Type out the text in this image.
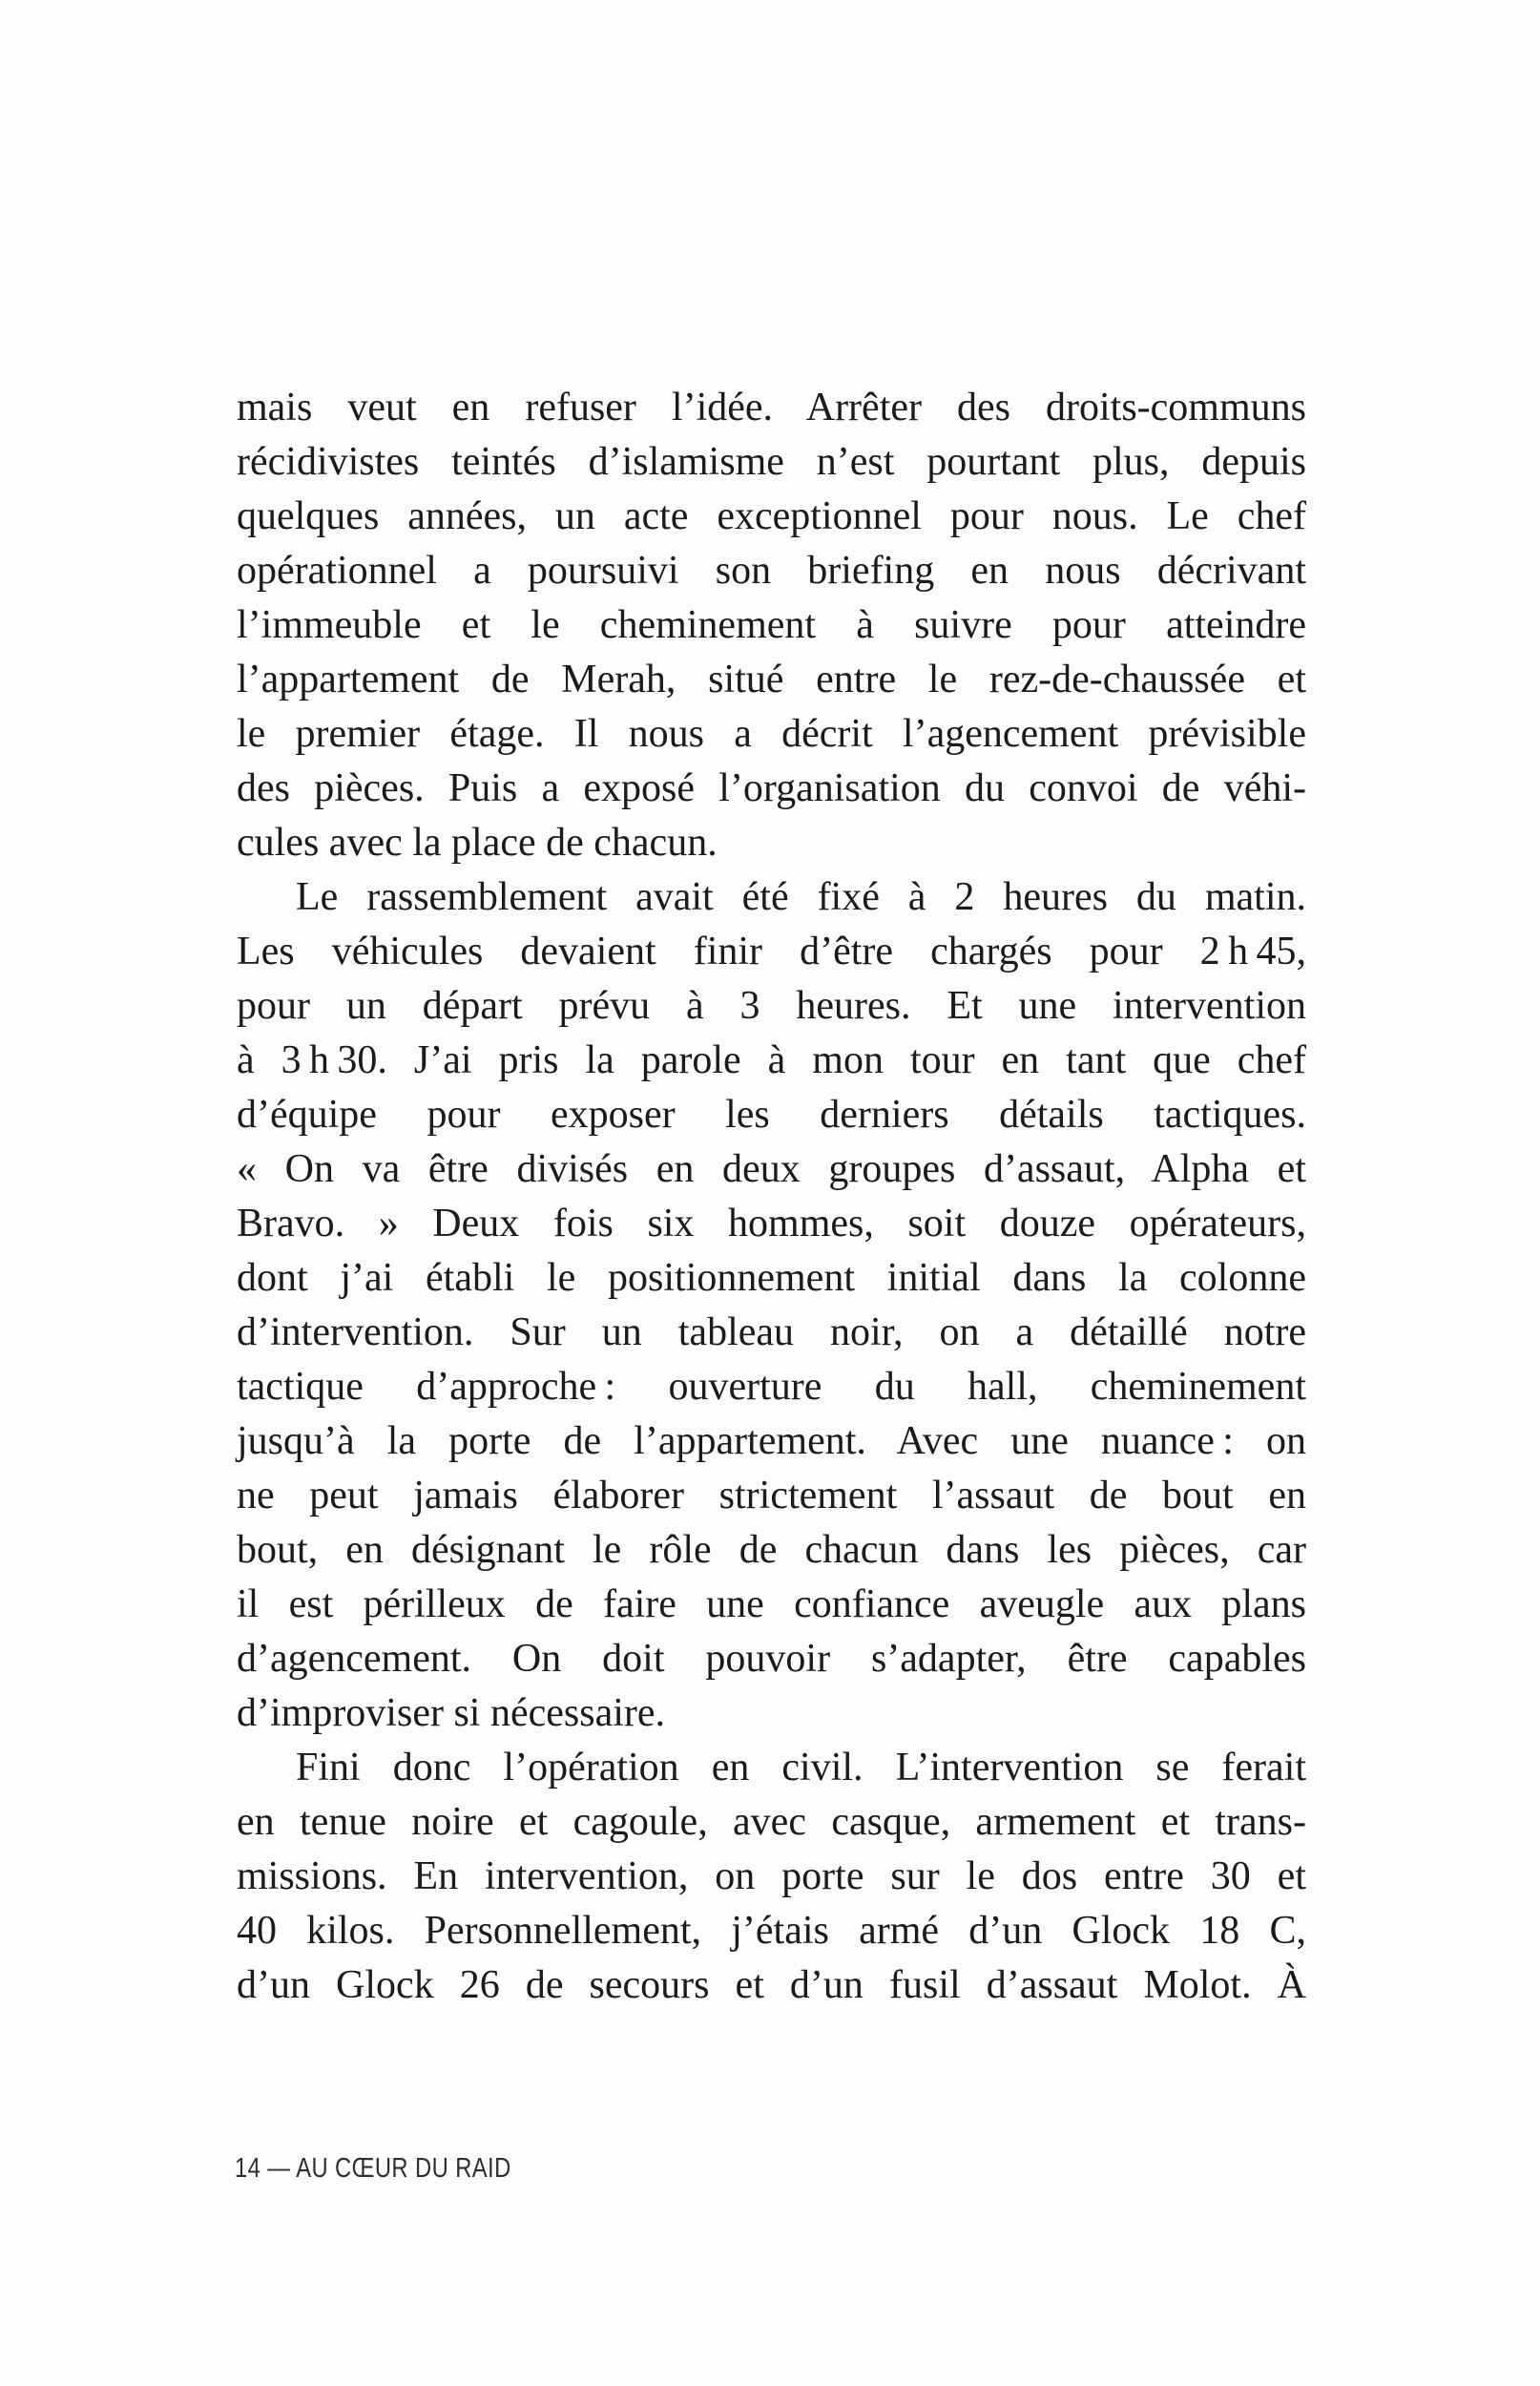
mais veut en refuser l’idée. Arrêter des droits-communs
récidivistes teintés d’islamisme n’est pourtant plus, depuis
quelques années, un acte exceptionnel pour nous. Le chef
opérationnel a poursuivi son briefing en nous décrivant
l’immeuble et le cheminement à suivre pour atteindre
l’appartement de Merah, situé entre le rez-de-chaussée et
le premier étage. Il nous a décrit l’agencement prévisible
des pièces. Puis a exposé l’organisation du convoi de véhi-
cules avec la place de chacun.
Le rassemblement avait été fixé à 2 heures du matin.
Les véhicules devaient finir d’être chargés pour 2 h 45,
pour un départ prévu à 3 heures. Et une intervention
à 3 h 30. J’ai pris la parole à mon tour en tant que chef
d’équipe pour exposer les derniers détails tactiques.
« On va être divisés en deux groupes d’assaut, Alpha et
Bravo. » Deux fois six hommes, soit douze opérateurs,
dont j’ai établi le positionnement initial dans la colonne
d’intervention. Sur un tableau noir, on a détaillé notre
tactique d’approche : ouverture du hall, cheminement
jusqu’à la porte de l’appartement. Avec une nuance : on
ne peut jamais élaborer strictement l’assaut de bout en
bout, en désignant le rôle de chacun dans les pièces, car
il est périlleux de faire une confiance aveugle aux plans
d’agencement. On doit pouvoir s’adapter, être capables
d’improviser si nécessaire.
Fini donc l’opération en civil. L’intervention se ferait
en tenue noire et cagoule, avec casque, armement et trans-
missions. En intervention, on porte sur le dos entre 30 et
40 kilos. Personnellement, j’étais armé d’un Glock 18 C,
d’un Glock 26 de secours et d’un fusil d’assaut Molot. À
14 — AU CŒUR DU RAID
